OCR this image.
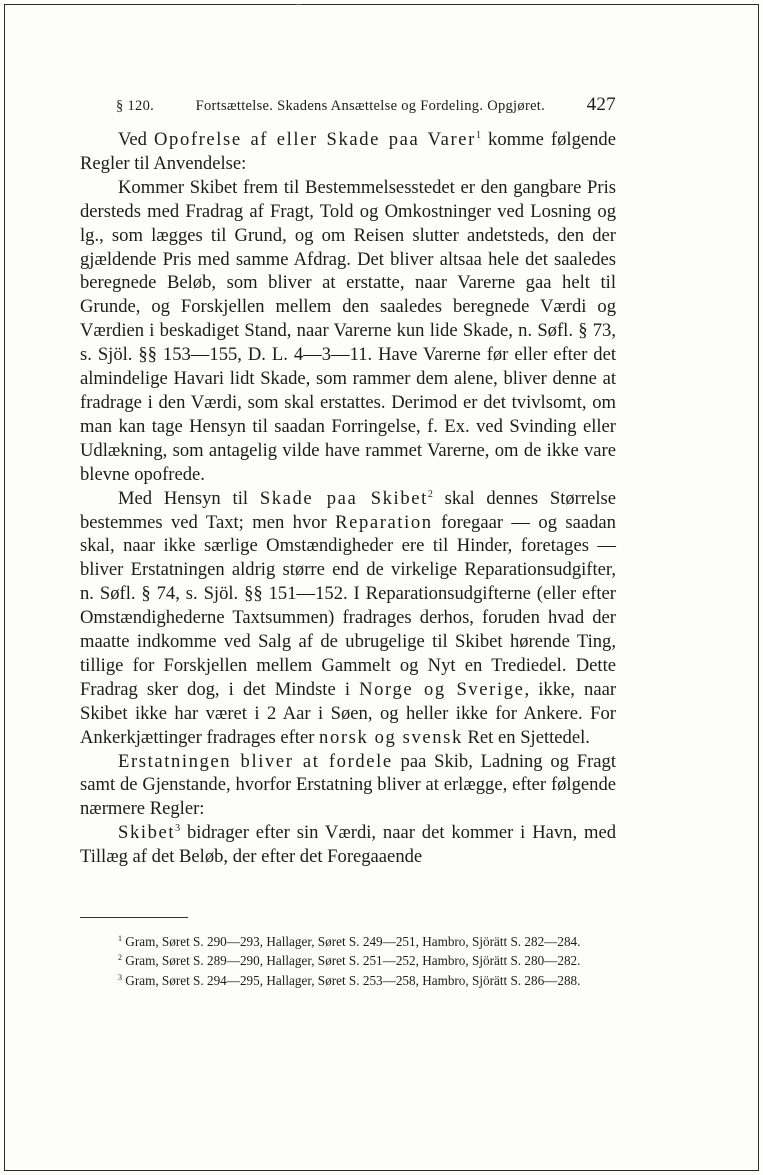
§ 120.	Fortsættelse. Skadens Ansættelse og Fordeling. Opgjøret. 427

Ved Opofrelse af eller Skade paa Varer$^1$ komme følgende Regler til Anvendelse:

Kommer Skibet frem til Bestemmelsesstedet er den gangbare Pris dersteds med Fradrag af Fragt, Told og Omkostninger ved Losning og lg., som lægges til Grund, og om Reisen slutter andetsteds, den der gjældende Pris med samme Afdrag. Det bliver altsaa hele det saaledes beregnede Beløb, som bliver at erstatte, naar Varerne gaa helt til Grunde, og Forskjellen mellem den saaledes beregnede Værdi og Værdien i beskadiget Stand, naar Varerne kun lide Skade, n. Søfl. § 73, s. Sjöl. §§ 153—155, D. L. 4—3—11. Have Varerne før eller efter det almindelige Havari lidt Skade, som rammer dem alene, bliver denne at fradrage i den Værdi, som skal erstattes. Derimod er det tvivlsomt, om man kan tage Hensyn til saadan Forringelse, f. Ex. ved Svinding eller Udlækning, som antagelig vilde have rammet Varerne, om de ikke vare blevne opofrede.

Med Hensyn til Skade paa Skibet$^2$ skal dennes Størrelse bestemmes ved Taxt; men hvor Reparation foregaar — og saadan skal, naar ikke særlige Omstændigheder ere til Hinder, foretages — bliver Erstatningen aldrig større end de virkelige Reparationsudgifter, n. Søfl. § 74, s. Sjöl. §§ 151—152. I Reparationsudgifterne (eller efter Omstændighederne Taxtsummen) fradrages derhos, foruden hvad der maatte indkomme ved Salg af de ubrugelige til Skibet hørende Ting, tillige for Forskjellen mellem Gammelt og Nyt en Trediedel. Dette Fradrag sker dog, i det Mindste i Norge og Sverige, ikke, naar Skibet ikke har været i 2 Aar i Søen, og heller ikke for Ankere. For Ankerkjættinger fradrages efter norsk og svensk Ret en Sjettedel.

Erstatningen bliver at fordele paa Skib, Ladning og Fragt samt de Gjenstande, hvorfor Erstatning bliver at erlægge, efter følgende nærmere Regler:

Skibet$^3$ bidrager efter sin Værdi, naar det kommer i Havn, med Tillæg af det Beløb, der efter det Foregaaende

$^1$ Gram, Søret S. 290—293, Hallager, Søret S. 249—251, Hambro, Sjörätt S. 282—284.

$^2$ Gram, Søret S. 289—290, Hallager, Søret S. 251—252, Hambro, Sjörätt S. 280—282.

$^3$ Gram, Søret S. 294—295, Hallager, Søret S. 253—258, Hambro, Sjörätt S. 286—288.
